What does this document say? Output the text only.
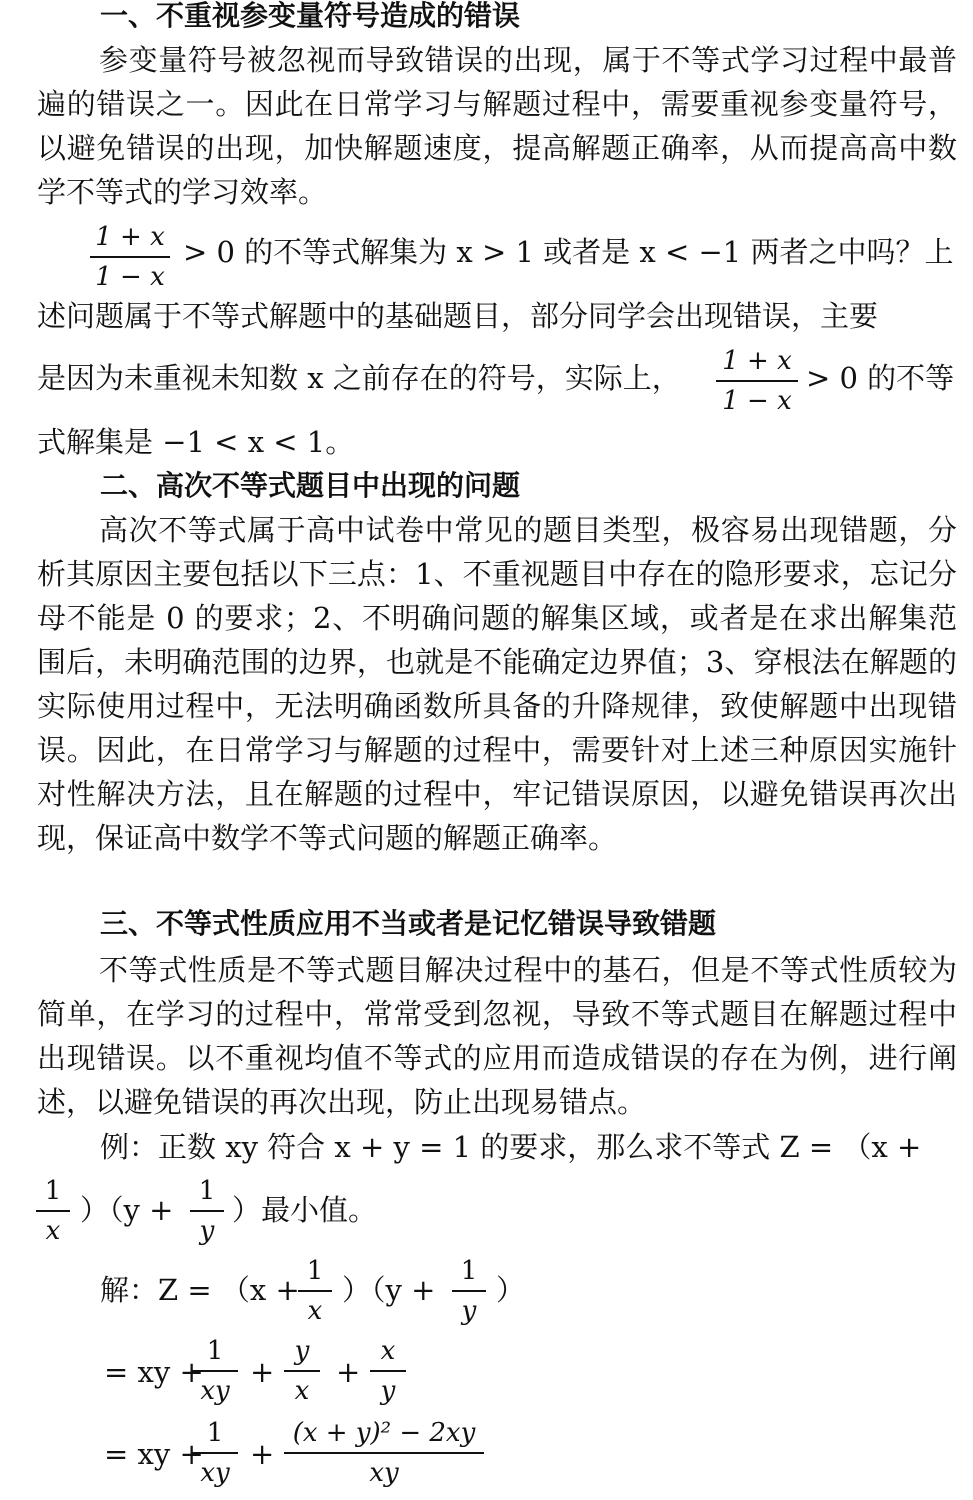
一、不重视参变量符号造成的错误

参变量符号被忽视而导致错误的出现，属于不等式学习过程中最普遍的错误之一。因此在日常学习与解题过程中，需要重视参变量符号，以避免错误的出现，加快解题速度，提高解题正确率，从而提高高中数学不等式的学习效率。

1 + x
1 − x
> 0 的不等式解集为 x > 1 或者是 x < −1 两者之中吗？上
述问题属于不等式解题中的基础题目，部分同学会出现错误，主要
是因为未重视未知数 x 之前存在的符号，实际上， 1 + x
1 − x
> 0 的不等
式解集是 −1 < x < 1。
二、高次不等式题目中出现的问题

高次不等式属于高中试卷中常见的题目类型，极容易出现错题，分析其原因主要包括以下三点：1、不重视题目中存在的隐形要求，忘记分母不能是 0 的要求；2、不明确问题的解集区域，或者是在求出解集范围后，未明确范围的边界，也就是不能确定边界值；3、穿根法在解题的实际使用过程中，无法明确函数所具备的升降规律，致使解题中出现错误。因此，在日常学习与解题的过程中，需要针对上述三种原因实施针对性解决方法，且在解题的过程中，牢记错误原因，以避免错误再次出现，保证高中数学不等式问题的解题正确率。

三、不等式性质应用不当或者是记忆错误导致错题

不等式性质是不等式题目解决过程中的基石，但是不等式性质较为简单，在学习的过程中，常常受到忽视，导致不等式题目在解题过程中出现错误。以不重视均值不等式的应用而造成错误的存在为例，进行阐述，以避免错误的再次出现，防止出现易错点。

例：正数 xy 符合 x + y = 1 的要求，那么求不等式 Z = （x +
1
x
）（y +
1
y
）最小值。
解：Z = （x +
1
x
）（y +
1
y
）
= xy +
1
xy
+
y
x
+
x
y
= xy +
1
xy
+
(x + y)² − 2xy
xy
